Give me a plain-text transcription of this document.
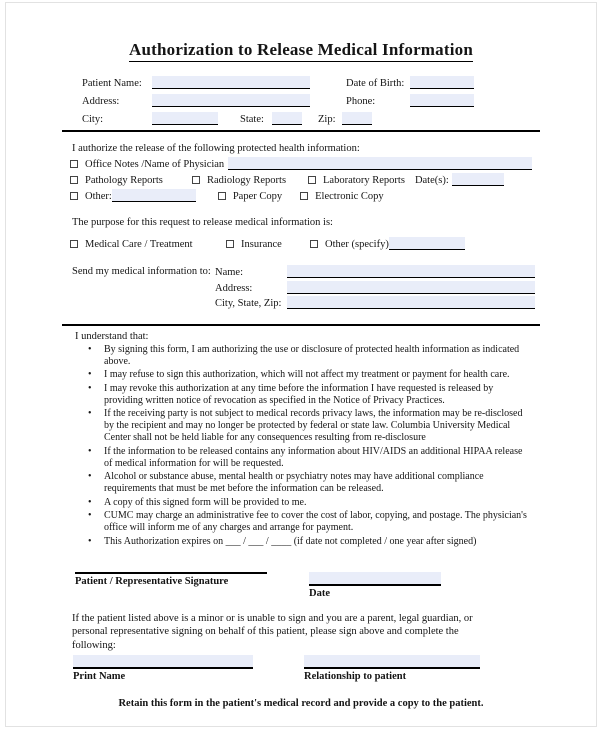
Authorization to Release Medical Information
Patient Name:	Date of Birth:
Address:	Phone:
City:	State:	Zip:
I authorize the release of the following protected health information:
Office Notes /Name of Physician
Pathology Reports	Radiology Reports	Laboratory Reports Date(s):
Other:	Paper Copy	Electronic Copy
The purpose for this request to release medical information is:
Medical Care / Treatment	Insurance	Other (specify)
Send my medical information to: Name:
Address:
City, State, Zip:
I understand that:
•	By signing this form, I am authorizing the use or disclosure of protected health information as indicated above.
•	I may refuse to sign this authorization, which will not affect my treatment or payment for health care.
•	I may revoke this authorization at any time before the information I have requested is released by providing written notice of revocation as specified in the Notice of Privacy Practices.
•	If the receiving party is not subject to medical records privacy laws, the information may be re-disclosed by the recipient and may no longer be protected by federal or state law. Columbia University Medical Center shall not be held liable for any consequences resulting from re-disclosure
•	If the information to be released contains any information about HIV/AIDS an additional HIPAA release of medical information for will be requested.
•	Alcohol or substance abuse, mental health or psychiatry notes may have additional compliance requirements that must be met before the information can be released.
•	A copy of this signed form will be provided to me.
•	CUMC may charge an administrative fee to cover the cost of labor, copying, and postage. The physician's office will inform me of any charges and arrange for payment.
•	This Authorization expires on ___ / ___ / ____ (if date not completed / one year after signed)
Patient / Representative Signature
Date
If the patient listed above is a minor or is unable to sign and you are a parent, legal guardian, or personal representative signing on behalf of this patient, please sign above and complete the following:
Print Name	Relationship to patient
Retain this form in the patient's medical record and provide a copy to the patient.
